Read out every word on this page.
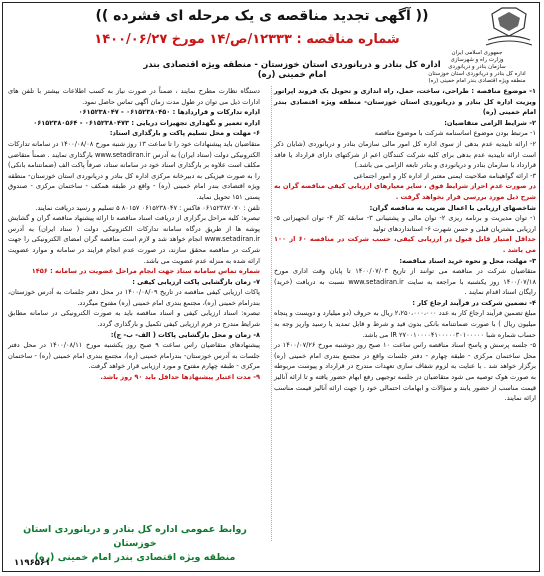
جمهوری اسلامی ایران
وزارت راه و شهرسازی
سازمان بنادر و دریانوردی
اداره کل بنادر و دریانوردی استان خوزستان
منطقه ویژه اقتصادی بندر امام خمینی (ره)
(( آگهی تجدید مناقصه ی یک مرحله ای فشرده ))
شماره مناقصه : ۱۲۳۳۳/ص/۱۴ مورخ ۱۴۰۰/۰۶/۲۷
اداره کل بنادر و دریانوردی استان خوزستان - منطقه ویژه اقتصادی بندر امام خمینی (ره)

۱- موضوع مناقصه : طراحی، ساخت، حمل، راه اندازی و تحویل یک فروند اپراتور ویزیت اداره کل بنادر و دریانوردی استان خوزستان- منطقه ویژه اقتصادی بندر امام خمینی (ره)

۲- شرایط الزامی متقاضیان:

۱- مرتبط بودن موضوع اساسنامه شرکت با موضوع مناقصه

۲- ارائه تاییدیه عدم بدهی از سوی اداره کل امور مالی سازمان بنادر و دریانوردی (شایان ذکر است ارائه تاییدیه عدم بدهی برای کلیه شرکت کنندگان اعم از شرکتهای دارای قرارداد یا فاقد قرارداد با سازمان بنادر و دریانوردی و بنادر تابعه الزامی می باشد.)

۳- ارائه گواهینامه صلاحیت ایمنی معتبر از اداره کار و امور اجتماعی

در صورت عدم احراز شرایط فوق ، سایر معیارهای ارزیابی کیفی مناقصه گران به شرح ذیل مورد بررسی قرار نخواهد گرفت .

شاخصهای ارزیابی با اعمال ضریب به مناقصه گران:

۱- توان مدیریت و برنامه ریزی ۲- توان مالی و پشتیبانی ۳- سابقه کار ۴- توان انجهیزاتی ۵- ارزیابی مشتریان قبلی و حسن شهرت ۶- استانداردهای تولید

حداقل امتیاز قابل قبول در ارزیابی کیفی، حسب شرکت در مناقصه ۶۰ از ۱۰۰ می باشد .

۳- مهلت، محل و نحوه خرید اسناد مناقصه:

متقاضیان شرکت در مناقصه می توانند از تاریخ ۱۴۰۰/۰۷/۰۳ تا پایان وقت اداری مورخ ۱۴۰۰/۰۷/۱۸ روز یکشنبه با مراجعه به سایت www.setadiran.ir نسبت به دریافت (خرید) رایگان اسناد اقدام نمایند .

۴- تضمین شرکت در فرآیند ارجاع کار :

مبلغ تضمین فرآیند ارجاع کار به عدد ۲،۲۵۰،۰۰۰،۰۰۰ ریال به حروف (دو میلیارد و دویست و پنجاه میلیون ریال ) با صورت ضمانتنامه بانکی بدون قید و شرط و قابل تمدید یا رسید واریز وجه به حساب شماره شبا IR ۲۷۰۰۱۰۰۰۰۴۱۰۰۰۰۰۳۰۱۰۰۰۰۰ می باشد.

۵- جلسه پرسش و پاسخ اسناد مناقصه راس ساعت ۱۰ صبح روز دوشنبه مورخ ۱۴۰۰/۰۷/۲۶ در محل ساختمان مرکزی - طبقه چهارم - دفتر جلسات واقع در مجتمع بندری امام خمینی (ره) برگزار خواهد شد . با عنایت به لزوم شفاف سازی تعهدات مندرج در قرارداد و پیوست مربوطه به صورت هوک توصیه می شود متقاضیان در جلسه توجیهی رفع ابهام حضور یافته و تا ارائه آنالیز قیمت مناسب از حضور یابند و سؤالات و ابهامات احتمالی خود را جهت ارائه آنالیز قیمت مناسب ارائه نمایند.

دستگاه نظارت مطرح نمایند ، ضمناً در صورت نیاز به کسب اطلاعات بیشتر با تلفن های ادارات ذیل می توان در طول مدت زمان آگهی تماس حاصل نمود.

اداره تدارکات و قراردادها : ۰۶۱۵۲۳۸۰۴۵۰ - ۰۶۱۵۲۳۸۰۴۷

اداره تعمیر و نگهداری تجهیزات دریایی : ۰۶۱۵۲۳۸۰۴۷۳ - ۰۶۱۵۲۳۸۰۵۶۴

۶- مهلت و محل تسلیم پاکت و بارگذاری اسناد:

متقاضیان باید پیشنهادات خود را تا ساعت ۱۳ روز شنبه مورخ ۱۴۰۰/۰۸/۰۸ در سامانه تدارکات الکترونیکی دولت (ستاد ایران) به آدرس www.setadiran.ir بارگذاری نمایند . ضمناً متقاضی مکلف است علاوه بر بارگذاری اسناد خود در سامانه ستاد، صرفاً پاکت الف (ضمانتنامه بانکی) را به صورت فیزیکی به دبیرخانه مرکزی اداره کل بنادر و دریانوردی استان خوزستان- منطقه ویژه اقتصادی بندر امام خمینی (ره) - واقع در طبقه همکف - ساختمان مرکزی - صندوق پستی ۱۵۱ تحویل نماید.

تلفن : ۰۶۱۵۲۳۸۲۰۷۰ فاکس : ۰۶۱۵۲۳۸۰۴۷ ۸۰۱۵۷ ۵ تسلیم و رسید دریافت نمایند.

تبصره: کلیه مراحل برگزاری از دریافت اسناد مناقصه تا ارائه پیشنهاد مناقصه گران و گشایش پوشه ها از طریق درگاه سامانه تدارکات الکترونیکی دولت ( ستاد ایران) به آدرس www.setadiran.ir انجام خواهد شد و لازم است مناقصه گران امضای الکترونیکی را جهت شرکت در مناقصه محقق سازند، در صورت عدم انجام فرایند در سامانه و موارد عضویت ارائه شده به منزله عدم عضویت می باشد.

شماره تماس سامانه ستاد جهت انجام مراحل عضویت در سامانه : ۱۴۵۶

۷- زمان بازگشایی پاکت ارزیابی کیفی :

پاکات ارزیابی کیفی مناقصه در تاریخ ۱۴۰۰/۰۸/۰۹ در محل دفتر جلسات به آدرس خوزستان، بندرامام خمینی (ره)، مجتمع بندری امام خمینی (ره) مفتوح میگردد.

تبصره: اسناد ارزیابی کیفی و اسناد مناقصه باید به صورت الکترونیکی در سامانه مطابق شرایط مندرج در فرم ارزیابی کیفی تکمیل و بارگذاری گردد.

۸- زمان و محل بازگشایی پاکات ( الف- ب- ج):

پیشنهادهای متقاضیان راس ساعت ۹ صبح روز یکشنبه مورخ ۱۴۰۰/۰۸/۱۱ در محل دفتر جلسات به آدرس خوزستان- بندرامام خمینی (ره)، مجتمع بندری امام خمینی (ره) - ساختمان مرکزی - طبقه چهارم مفتوح و مورد ارزیابی قرار خواهد گرفت.

۹- مدت اعتبار پیشنهادها حداقل باید ۹۰ روز باشد.

روابط عمومی اداره کل بنادر و دریانوردی استان خوزستان
منطقه ویژه اقتصادی بندر امام خمینی (ره)
۱۱۹۶۵۶۱
